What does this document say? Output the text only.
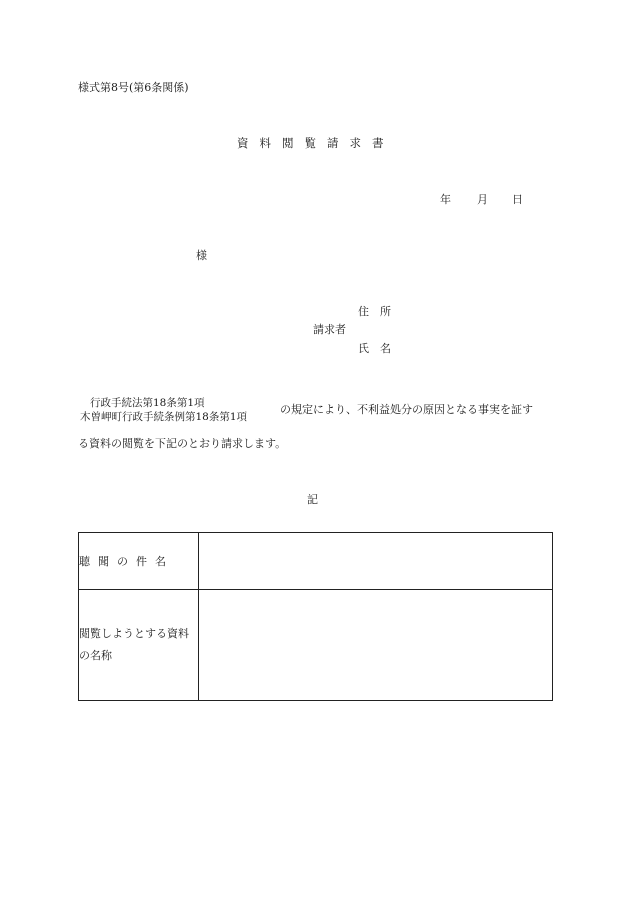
様式第8号(第6条関係)
資料閲覧請求書
年 月 日
様
住　所
請求者
氏　名
行政手続法第18条第1項
木曽岬町行政手続条例第18条第1項
の規定により、不利益処分の原因となる事実を証す
る資料の閲覧を下記のとおり請求します。
記
聴聞の件名	
閲覧しようとする資料の名称	
